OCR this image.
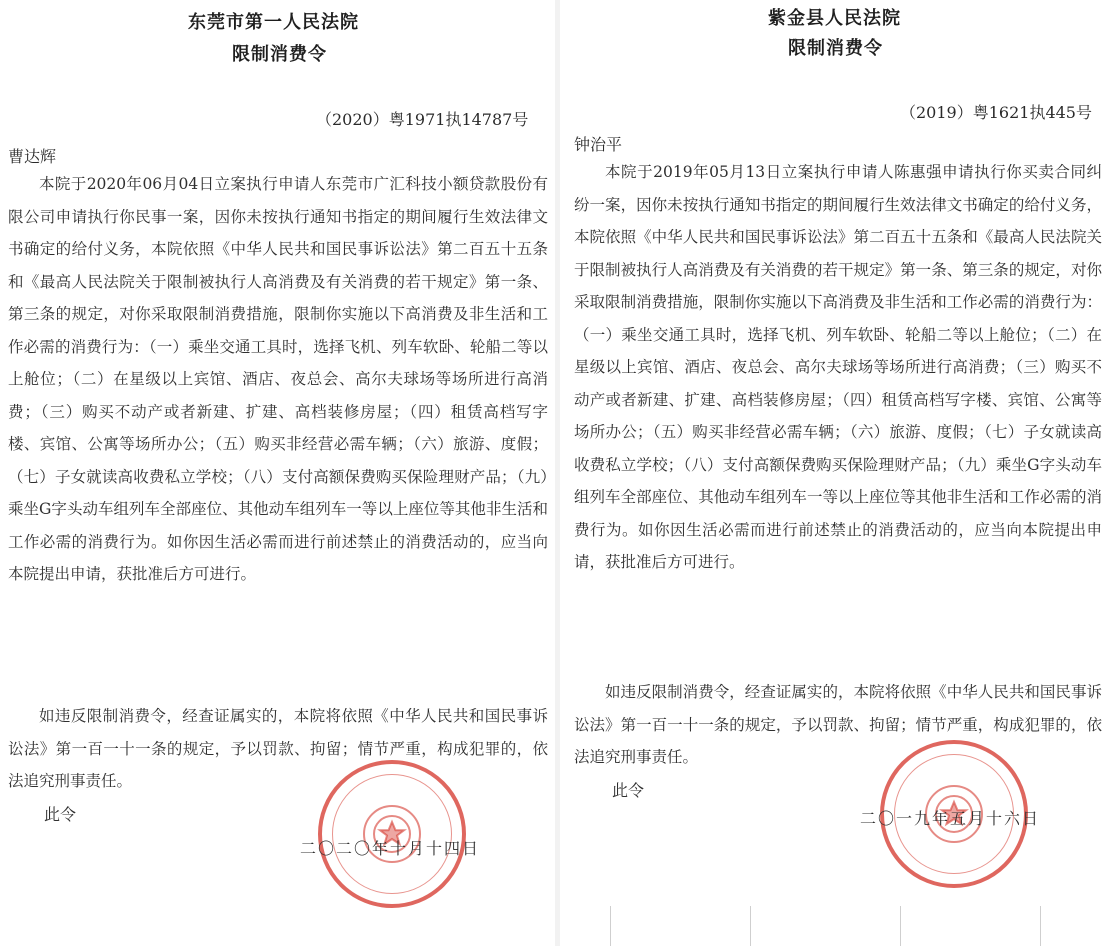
东莞市第一人民法院
限制消费令
（2020）粤1971执14787号
曹达辉

本院于2020年06月04日立案执行申请人东莞市广汇科技小额贷款股份有限公司申请执行你民事一案，因你未按执行通知书指定的期间履行生效法律文书确定的给付义务，本院依照《中华人民共和国民事诉讼法》第二百五十五条和《最高人民法院关于限制被执行人高消费及有关消费的若干规定》第一条、第三条的规定，对你采取限制消费措施，限制你实施以下高消费及非生活和工作必需的消费行为：（一）乘坐交通工具时，选择飞机、列车软卧、轮船二等以上舱位；（二）在星级以上宾馆、酒店、夜总会、高尔夫球场等场所进行高消费；（三）购买不动产或者新建、扩建、高档装修房屋；（四）租赁高档写字楼、宾馆、公寓等场所办公；（五）购买非经营必需车辆；（六）旅游、度假；（七）子女就读高收费私立学校；（八）支付高额保费购买保险理财产品；（九）乘坐G字头动车组列车全部座位、其他动车组列车一等以上座位等其他非生活和工作必需的消费行为。如你因生活必需而进行前述禁止的消费活动的，应当向本院提出申请，获批准后方可进行。

如违反限制消费令，经查证属实的，本院将依照《中华人民共和国民事诉讼法》第一百一十一条的规定，予以罚款、拘留；情节严重，构成犯罪的，依法追究刑事责任。

此令
二〇二〇年十月十四日
紫金县人民法院
限制消费令
（2019）粤1621执445号
钟治平

本院于2019年05月13日立案执行申请人陈惠强申请执行你买卖合同纠纷一案，因你未按执行通知书指定的期间履行生效法律文书确定的给付义务，本院依照《中华人民共和国民事诉讼法》第二百五十五条和《最高人民法院关于限制被执行人高消费及有关消费的若干规定》第一条、第三条的规定，对你采取限制消费措施，限制你实施以下高消费及非生活和工作必需的消费行为：（一）乘坐交通工具时，选择飞机、列车软卧、轮船二等以上舱位；（二）在星级以上宾馆、酒店、夜总会、高尔夫球场等场所进行高消费；（三）购买不动产或者新建、扩建、高档装修房屋；（四）租赁高档写字楼、宾馆、公寓等场所办公；（五）购买非经营必需车辆；（六）旅游、度假；（七）子女就读高收费私立学校；（八）支付高额保费购买保险理财产品；（九）乘坐G字头动车组列车全部座位、其他动车组列车一等以上座位等其他非生活和工作必需的消费行为。如你因生活必需而进行前述禁止的消费活动的，应当向本院提出申请，获批准后方可进行。

如违反限制消费令，经查证属实的，本院将依照《中华人民共和国民事诉讼法》第一百一十一条的规定，予以罚款、拘留；情节严重，构成犯罪的，依法追究刑事责任。

此令
二〇一九年五月十六日
